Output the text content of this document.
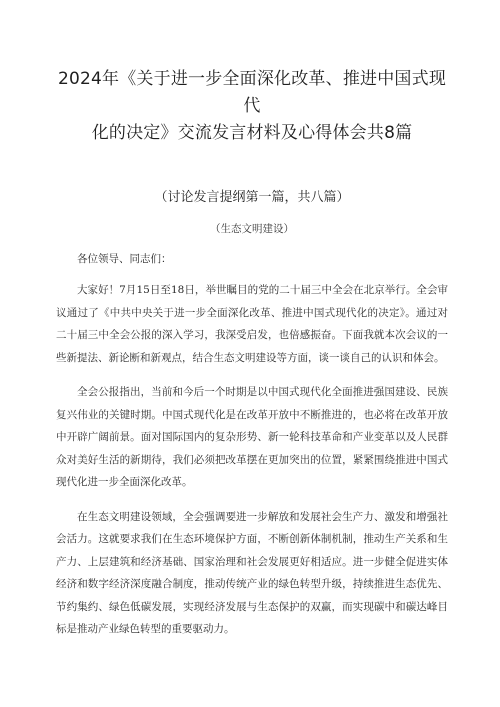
2024年《关于进一步全面深化改革、推进中国式现代
化的决定》交流发言材料及心得体会共8篇
（讨论发言提纲第一篇，共八篇）
（生态文明建设）
各位领导、同志们：

大家好！7月15日至18日，举世瞩目的党的二十届三中全会在北京举行。全会审议通过了《中共中央关于进一步全面深化改革、推进中国式现代化的决定》。通过对二十届三中全会公报的深入学习，我深受启发，也倍感振奋。下面我就本次会议的一些新提法、新论断和新观点，结合生态文明建设等方面，谈一谈自己的认识和体会。

全会公报指出，当前和今后一个时期是以中国式现代化全面推进强国建设、民族复兴伟业的关键时期。中国式现代化是在改革开放中不断推进的，也必将在改革开放中开辟广阔前景。面对国际国内的复杂形势、新一轮科技革命和产业变革以及人民群众对美好生活的新期待，我们必须把改革摆在更加突出的位置，紧紧围绕推进中国式现代化进一步全面深化改革。

在生态文明建设领域，全会强调要进一步解放和发展社会生产力、激发和增强社会活力。这就要求我们在生态环境保护方面，不断创新体制机制，推动生产关系和生产力、上层建筑和经济基础、国家治理和社会发展更好相适应。进一步健全促进实体经济和数字经济深度融合制度，推动传统产业的绿色转型升级，持续推进生态优先、节约集约、绿色低碳发展，实现经济发展与生态保护的双赢，而实现碳中和碳达峰目标是推动产业绿色转型的重要驱动力。
